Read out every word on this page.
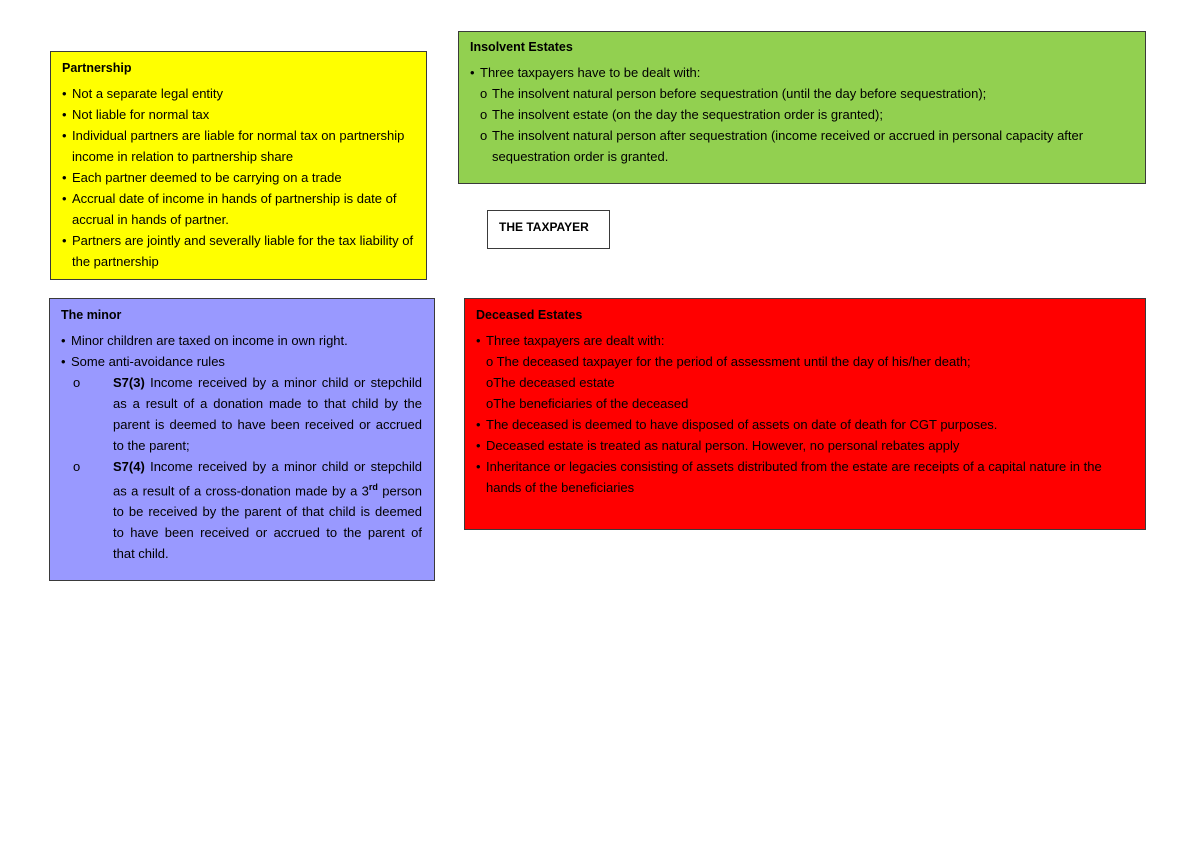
Partnership
• Not a separate legal entity
• Not liable for normal tax
• Individual partners are liable for normal tax on partnership income in relation to partnership share
• Each partner deemed to be carrying on a trade
• Accrual date of income in hands of partnership is date of accrual in hands of partner.
• Partners are jointly and severally liable for the tax liability of the partnership
Insolvent Estates
• Three taxpayers have to be dealt with:
o The insolvent natural person before sequestration (until the day before sequestration);
o The insolvent estate (on the day the sequestration order is granted);
o The insolvent natural person after sequestration (income received or accrued in personal capacity after sequestration order is granted.
THE TAXPAYER
The minor
• Minor children are taxed on income in own right.
• Some anti-avoidance rules
o	S7(3) Income received by a minor child or stepchild as a result of a donation made to that child by the parent is deemed to have been received or accrued to the parent;
o	S7(4) Income received by a minor child or stepchild as a result of a cross-donation made by a 3rd person to be received by the parent of that child is deemed to have been received or accrued to the parent of that child.
Deceased Estates
• Three taxpayers are dealt with:
o The deceased taxpayer for the period of assessment until the day of his/her death;
oThe deceased estate
oThe beneficiaries of the deceased
• The deceased is deemed to have disposed of assets on date of death for CGT purposes.
• Deceased estate is treated as natural person. However, no personal rebates apply
• Inheritance or legacies consisting of assets distributed from the estate are receipts of a capital nature in the hands of the beneficiaries
